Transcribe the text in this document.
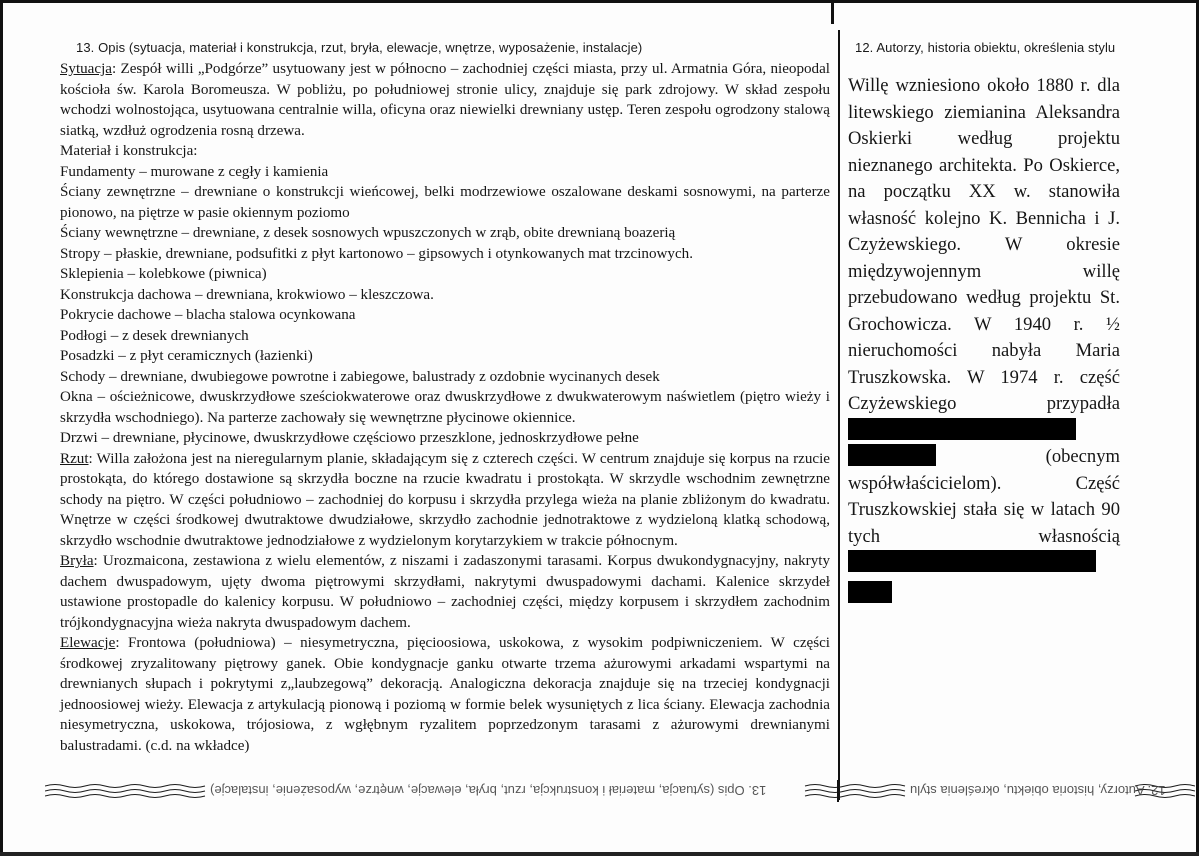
13. Opis (sytuacja, materiał i konstrukcja, rzut, bryła, elewacje, wnętrze, wyposażenie, instalacje)

Sytuacja: Zespół willi „Podgórze” usytuowany jest w północno – zachodniej części miasta, przy ul. Armatnia Góra, nieopodal kościoła św. Karola Boromeusza. W pobliżu, po południowej stronie ulicy, znajduje się park zdrojowy. W skład zespołu wchodzi wolnostojąca, usytuowana centralnie willa, oficyna oraz niewielki drewniany ustęp. Teren zespołu ogrodzony stalową siatką, wzdłuż ogrodzenia rosną drzewa.

Materiał i konstrukcja:

Fundamenty – murowane z cegły i kamienia

Ściany zewnętrzne – drewniane o konstrukcji wieńcowej, belki modrzewiowe oszalowane deskami sosnowymi, na parterze pionowo, na piętrze w pasie okiennym poziomo

Ściany wewnętrzne – drewniane, z desek sosnowych wpuszczonych w zrąb, obite drewnianą boazerią

Stropy – płaskie, drewniane, podsufitki z płyt kartonowo – gipsowych i otynkowanych mat trzcinowych.

Sklepienia – kolebkowe (piwnica)

Konstrukcja dachowa – drewniana, krokwiowo – kleszczowa.

Pokrycie dachowe – blacha stalowa ocynkowana

Podłogi – z desek drewnianych

Posadzki – z płyt ceramicznych (łazienki)

Schody – drewniane, dwubiegowe powrotne i zabiegowe, balustrady z ozdobnie wycinanych desek

Okna – ościeżnicowe, dwuskrzydłowe sześciokwaterowe oraz dwuskrzydłowe z dwukwaterowym naświetlem (piętro wieży i skrzydła wschodniego). Na parterze zachowały się wewnętrzne płycinowe okiennice.

Drzwi – drewniane, płycinowe, dwuskrzydłowe częściowo przeszklone, jednoskrzydłowe pełne

Rzut: Willa założona jest na nieregularnym planie, składającym się z czterech części. W centrum znajduje się korpus na rzucie prostokąta, do którego dostawione są skrzydła boczne na rzucie kwadratu i prostokąta. W skrzydle wschodnim zewnętrzne schody na piętro. W części południowo – zachodniej do korpusu i skrzydła przylega wieża na planie zbliżonym do kwadratu. Wnętrze w części środkowej dwutraktowe dwudziałowe, skrzydło zachodnie jednotraktowe z wydzieloną klatką schodową, skrzydło wschodnie dwutraktowe jednodziałowe z wydzielonym korytarzykiem w trakcie północnym.

Bryła: Urozmaicona, zestawiona z wielu elementów, z niszami i zadaszonymi tarasami. Korpus dwukondygnacyjny, nakryty dachem dwuspadowym, ujęty dwoma piętrowymi skrzydłami, nakrytymi dwuspadowymi dachami. Kalenice skrzydeł ustawione prostopadle do kalenicy korpusu. W południowo – zachodniej części, między korpusem i skrzydłem zachodnim trójkondygnacyjna wieża nakryta dwuspadowym dachem.

Elewacje: Frontowa (południowa) – niesymetryczna, pięcioosiowa, uskokowa, z wysokim podpiwniczeniem. W części środkowej zryzalitowany piętrowy ganek. Obie kondygnacje ganku otwarte trzema ażurowymi arkadami wspartymi na drewnianych słupach i pokrytymi z„laubzegową” dekoracją. Analogiczna dekoracja znajduje się na trzeciej kondygnacji jednoosiowej wieży. Elewacja z artykulacją pionową i poziomą w formie belek wysuniętych z lica ściany. Elewacja zachodnia niesymetryczna, uskokowa, trójosiowa, z wgłębnym ryzalitem poprzedzonym tarasami z ażurowymi drewnianymi balustradami. (c.d. na wkładce)

12. Autorzy, historia obiektu, określenia stylu

Willę wzniesiono około 1880 r. dla litewskiego ziemianina Aleksandra Oskierki według projektu nieznanego architekta. Po Oskierce, na początku XX w. stanowiła własność kolejno K. Bennicha i J. Czyżewskiego. W okresie międzywojennym willę przebudowano według projektu St. Grochowicza. W 1940 r. ½ nieruchomości nabyła Maria Truszkowska. W 1974 r. część Czyżewskiego przypadła
(obecnym współwłaścicielom). Część Truszkowskiej stała się w latach 90 tych własnością

13. Opis (sytuacja, materiał i konstrukcja, rzut, bryła, elewacje, wnętrze, wyposażenie, instalacje)	12. Autorzy, historia obiektu, określenia stylu
